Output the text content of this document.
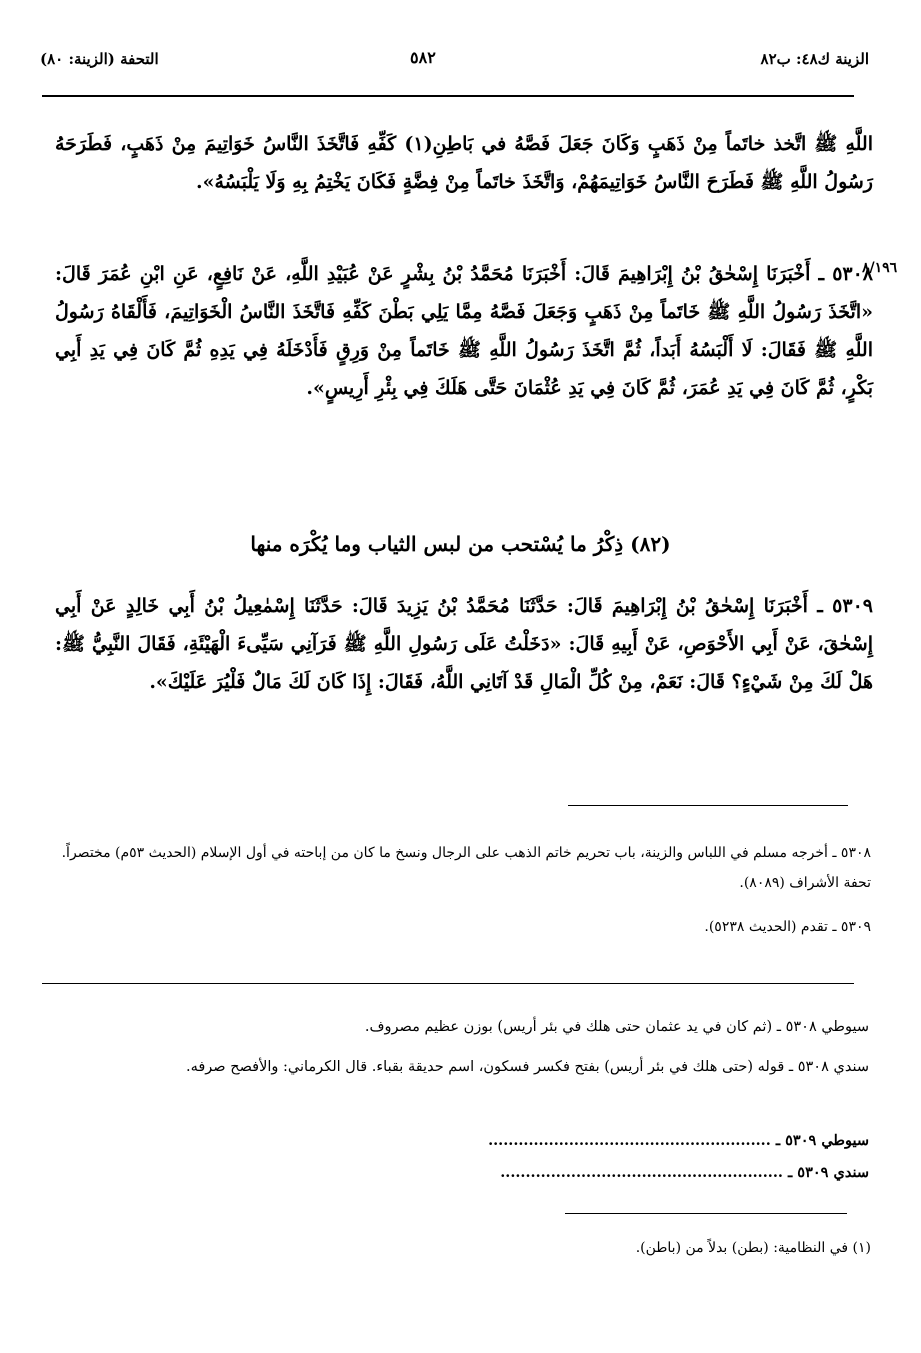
التحفة (الزينة: ٨٠)	٥٨٢	الزينة ك٤٨: ب٨٢
اللَّهِ ﷺ اتَّخذ خاتَماً مِنْ ذَهَبٍ وَكَانَ جَعَلَ فَصَّهُ في بَاطِنِ(١) كَفِّهِ فَاتَّخَذَ النَّاسُ خَوَاتِيمَ مِنْ ذَهَبٍ، فَطَرَحَهُ رَسُولُ اللَّهِ ﷺ فَطَرَحَ النَّاسُ خَوَاتِيمَهُمْ، وَاتَّخَذَ خاتَماً مِنْ فِضَّةٍ فَكَانَ يَخْتِمُ بِهِ وَلَا يَلْبَسُهُ».
٨/١٩٦
٥٣٠٨ ـ أَخْبَرَنَا إِسْحٰقُ بْنُ إِبْرَاهِيمَ قَالَ: أَخْبَرَنَا مُحَمَّدُ بْنُ بِشْرٍ عَنْ عُبَيْدِ اللَّهِ، عَنْ نَافِعٍ، عَنِ ابْنِ عُمَرَ قَالَ: «اتَّخَذَ رَسُولُ اللَّهِ ﷺ خَاتَماً مِنْ ذَهَبٍ وَجَعَلَ فَصَّهُ مِمَّا يَلِي بَطْنَ كَفِّهِ فَاتَّخَذَ النَّاسُ الْخَوَاتِيمَ، فَأَلْقَاهُ رَسُولُ اللَّهِ ﷺ فَقَالَ: لَا أَلْبَسُهُ أَبَداً، ثُمَّ اتَّخَذَ رَسُولُ اللَّهِ ﷺ خَاتَماً مِنْ وَرِقٍ فَأَدْخَلَهُ فِي يَدِهِ ثُمَّ كَانَ فِي يَدِ أَبِي بَكْرٍ، ثُمَّ كَانَ فِي يَدِ عُمَرَ، ثُمَّ كَانَ فِي يَدِ عُثْمَانَ حَتَّى هَلَكَ فِي بِئْرِ أَرِيسٍ».
(٨٢) ذِكْرُ ما يُسْتحب من لبس الثياب وما يُكْرَه منها
٥٣٠٩ ـ أَخْبَرَنَا إِسْحٰقُ بْنُ إِبْرَاهِيمَ قَالَ: حَدَّثَنَا مُحَمَّدُ بْنُ يَزِيدَ قَالَ: حَدَّثَنَا إِسْمٰعِيلُ بْنُ أَبِي خَالِدٍ عَنْ أَبِي إِسْحٰقَ، عَنْ أَبِي الأَحْوَصِ، عَنْ أَبِيهِ قَالَ: «دَخَلْتُ عَلَى رَسُولِ اللَّهِ ﷺ فَرَآنِي سَيِّىءَ الْهَيْئَةِ، فَقَالَ النَّبِيُّ ﷺ: هَلْ لَكَ مِنْ شَيْءٍ؟ قَالَ: نَعَمْ، مِنْ كُلِّ الْمَالِ قَدْ آتَانِي اللَّهُ، فَقَالَ: إِذَا كَانَ لَكَ مَالٌ فَلْيُرَ عَلَيْكَ».
٥٣٠٨ ـ أخرجه مسلم في اللباس والزينة، باب تحريم خاتم الذهب على الرجال ونسخ ما كان من إباحته في أول الإسلام (الحديث ٥٣م) مختصراً. تحفة الأشراف (٨٠٨٩).
٥٣٠٩ ـ تقدم (الحديث ٥٢٣٨).
سيوطي ٥٣٠٨ ـ (ثم كان في يد عثمان حتى هلك في بئر أريس) بوزن عظيم مصروف.
سندي ٥٣٠٨ ـ قوله (حتى هلك في بئر أريس) بفتح فكسر فسكون، اسم حديقة بقباء. قال الكرماني: والأفصح صرفه.
سيوطي ٥٣٠٩ ـ ........................................................
سندي ٥٣٠٩ ـ ........................................................
(١) في النظامية: (بطن) بدلاً من (باطن).
